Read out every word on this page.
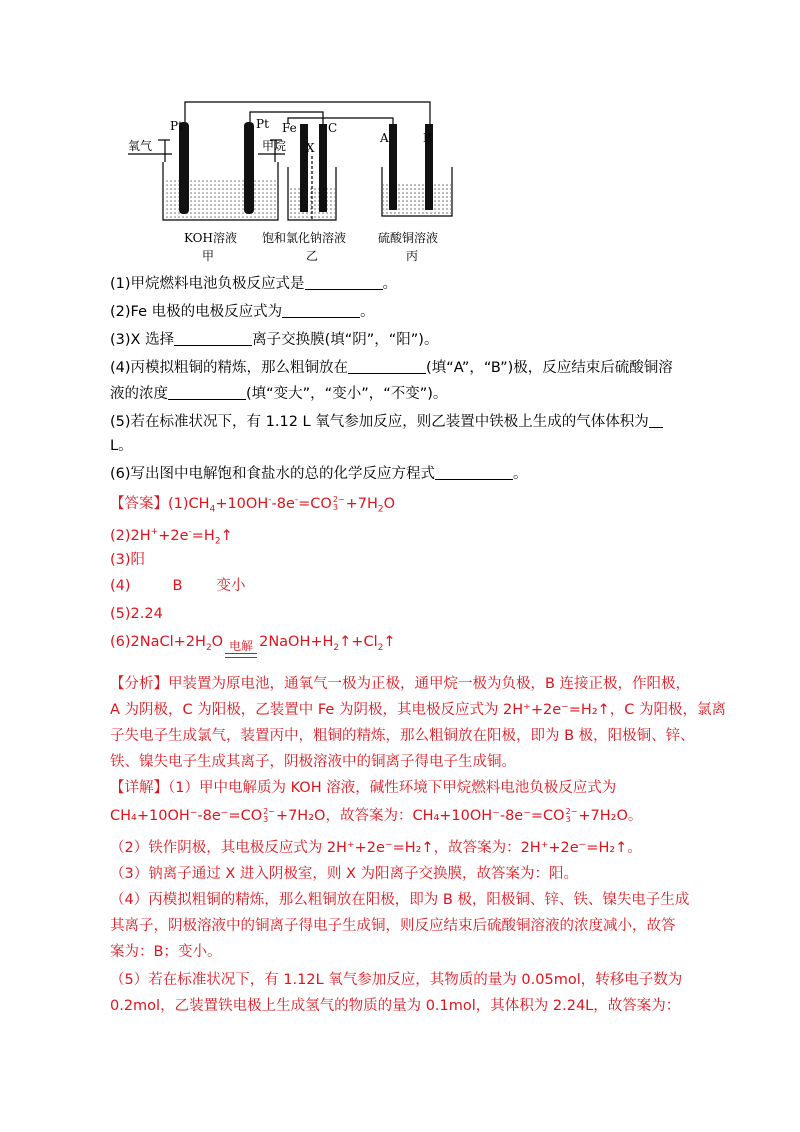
Pt	Pt Fe	C
A	B
氧气	甲烷 X
KOH溶液 饱和氯化钠溶液	硫酸铜溶液
甲	乙	丙
(1)甲烷燃料电池负极反应式是	。
(2)Fe 电极的电极反应式为	。
(3)X 选择	离子交换膜(填“阴”，“阳”)。
(4)丙模拟粗铜的精炼，那么粗铜放在	(填“A”，“B”)极，反应结束后硫酸铜溶
液的浓度	(填“变大”，“变小”，“不变”)。
(5)若在标准状况下，有 1.12 L 氧气参加反应，则乙装置中铁极上生成的气体体积为
L。
(6)写出图中电解饱和食盐水的总的化学反应方程式	。
【答案】$(1)CH_4+10OH^--8e^-=CO$ 2−
$3 +7H_2O$
$(2)2H^++2e^-=H_2↑$
(3)阳
(4)	B 变小
(5)2.24
$(6)2NaCl+2H_2O$ 电解 $2NaOH+H_2↑+Cl_2↑$
【分析】甲装置为原电池，通氧气一极为正极，通甲烷一极为负极，B 连接正极，作阳极，
A 为阴极，C 为阳极，乙装置中 Fe 为阴极，其电极反应式为 2H⁺+2e⁻=H₂↑，C 为阳极，氯离
子失电子生成氯气，装置丙中，粗铜的精炼，那么粗铜放在阳极，即为 B 极，阳极铜、锌、
铁、镍失电子生成其离子，阴极溶液中的铜离子得电子生成铜。
【详解】（1）甲中电解质为 KOH 溶液，碱性环境下甲烷燃料电池负极反应式为
CH₄+10OH⁻-8e⁻=CO 2−
3 +7H₂O，故答案为：CH₄+10OH⁻-8e⁻=CO 2−
3 +7H₂O。
（2）铁作阴极，其电极反应式为 2H⁺+2e⁻=H₂↑，故答案为：2H⁺+2e⁻=H₂↑。
（3）钠离子通过 X 进入阴极室，则 X 为阳离子交换膜，故答案为：阳。
（4）丙模拟粗铜的精炼，那么粗铜放在阳极，即为 B 极，阳极铜、锌、铁、镍失电子生成
其离子，阴极溶液中的铜离子得电子生成铜，则反应结束后硫酸铜溶液的浓度减小，故答
案为：B；变小。
（5）若在标准状况下，有 1.12L 氧气参加反应，其物质的量为 0.05mol，转移电子数为
0.2mol，乙装置铁电极上生成氢气的物质的量为 0.1mol，其体积为 2.24L，故答案为：
